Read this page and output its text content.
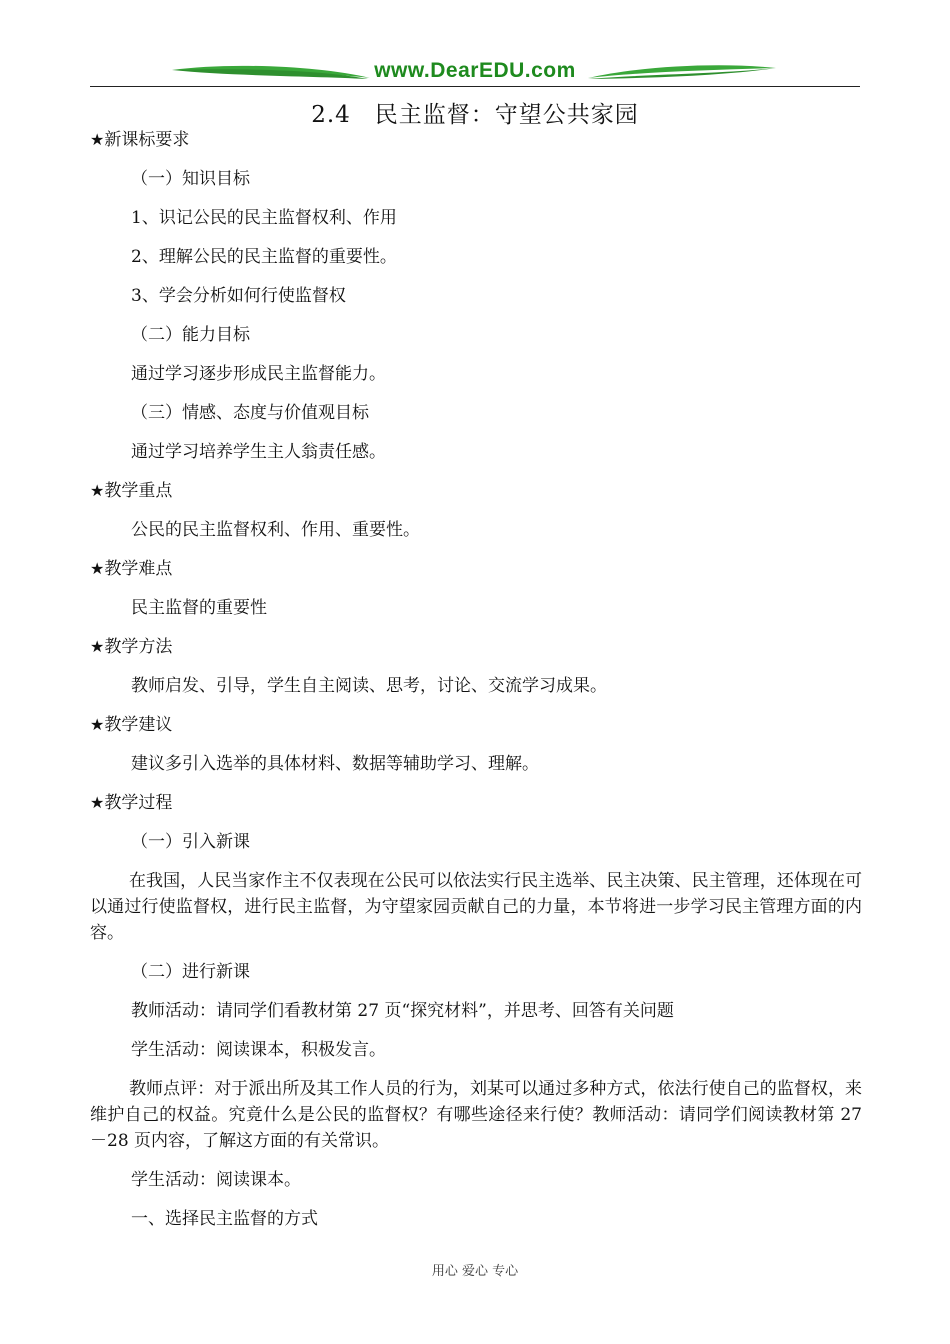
www.DearEDU.com
2.4　民主监督：守望公共家园
★新课标要求
（一）知识目标
1、识记公民的民主监督权利、作用
2、理解公民的民主监督的重要性。
3、学会分析如何行使监督权
（二）能力目标
通过学习逐步形成民主监督能力。
（三）情感、态度与价值观目标
通过学习培养学生主人翁责任感。
★教学重点
公民的民主监督权利、作用、重要性。
★教学难点
民主监督的重要性
★教学方法
教师启发、引导，学生自主阅读、思考，讨论、交流学习成果。
★教学建议
建议多引入选举的具体材料、数据等辅助学习、理解。
★教学过程
（一）引入新课
在我国，人民当家作主不仅表现在公民可以依法实行民主选举、民主决策、民主管理，还体现在可以通过行使监督权，进行民主监督，为守望家园贡献自己的力量，本节将进一步学习民主管理方面的内容。
（二）进行新课
教师活动：请同学们看教材第 27 页“探究材料”，并思考、回答有关问题
学生活动：阅读课本，积极发言。
教师点评：对于派出所及其工作人员的行为，刘某可以通过多种方式，依法行使自己的监督权，来维护自己的权益。究竟什么是公民的监督权？有哪些途径来行使？教师活动：请同学们阅读教材第 27－28 页内容，了解这方面的有关常识。
学生活动：阅读课本。
一、选择民主监督的方式
用心 爱心 专心
